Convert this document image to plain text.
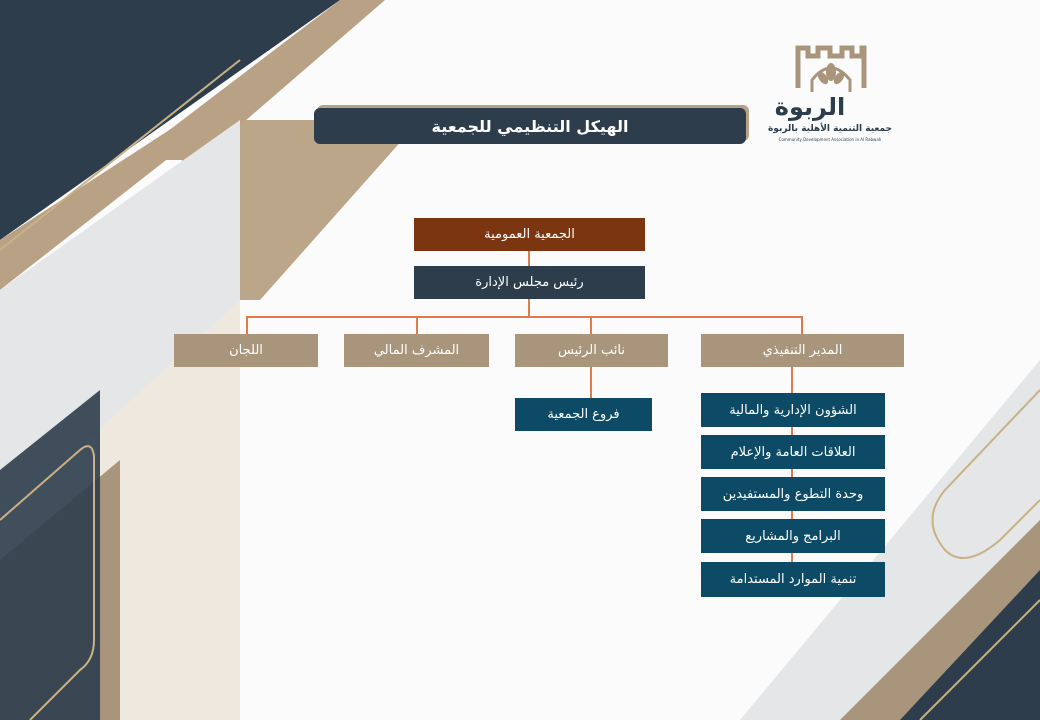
الربوة
جمعية التنمية الأهلية بالربوة
Community Development Association in Al Rabwah
الهيكل التنظيمي للجمعية
الجمعية العمومية
رئيس مجلس الإدارة
المدير التنفيذي
نائب الرئيس
المشرف المالي
اللجان
فروع الجمعية	الشؤون الإدارية والمالية
العلاقات العامة والإعلام
وحدة التطوع والمستفيدين
البرامج والمشاريع
تنمية الموارد المستدامة
